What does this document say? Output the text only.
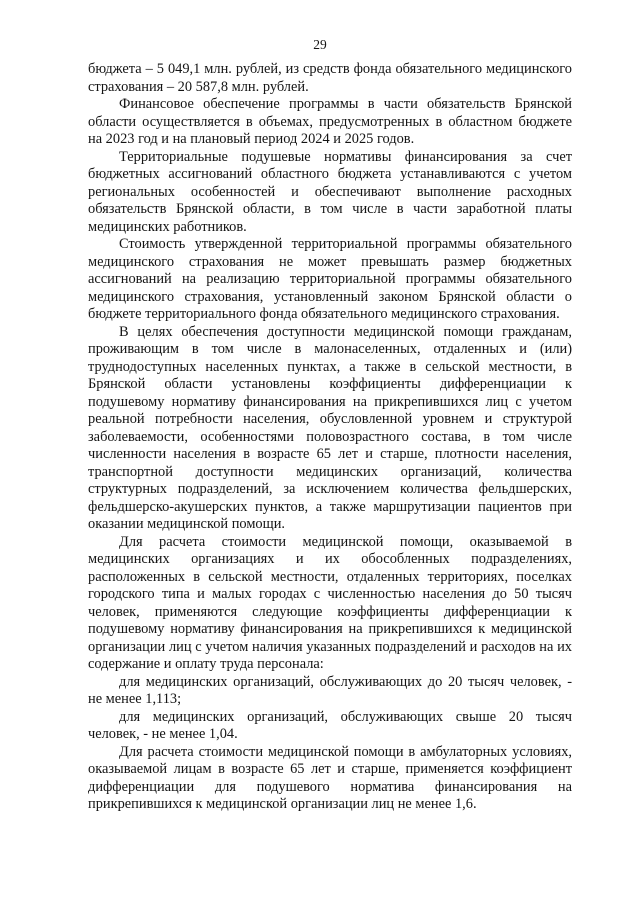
29

бюджета – 5 049,1 млн. рублей, из средств фонда обязательного медицинского страхования – 20 587,8 млн. рублей.

Финансовое обеспечение программы в части обязательств Брянской области осуществляется в объемах, предусмотренных в областном бюджете на 2023 год и на плановый период 2024 и 2025 годов.

Территориальные подушевые нормативы финансирования за счет бюджетных ассигнований областного бюджета устанавливаются с учетом региональных особенностей и обеспечивают выполнение расходных обязательств Брянской области, в том числе в части заработной платы медицинских работников.

Стоимость утвержденной территориальной программы обязательного медицинского страхования не может превышать размер бюджетных ассигнований на реализацию территориальной программы обязательного медицинского страхования, установленный законом Брянской области о бюджете территориального фонда обязательного медицинского страхования.

В целях обеспечения доступности медицинской помощи гражданам, проживающим в том числе в малонаселенных, отдаленных и (или) труднодоступных населенных пунктах, а также в сельской местности, в Брянской области установлены коэффициенты дифференциации к подушевому нормативу финансирования на прикрепившихся лиц с учетом реальной потребности населения, обусловленной уровнем и структурой заболеваемости, особенностями половозрастного состава, в том числе численности населения в возрасте 65 лет и старше, плотности населения, транспортной доступности медицинских организаций, количества структурных подразделений, за исключением количества фельдшерских, фельдшерско-акушерских пунктов, а также маршрутизации пациентов при оказании медицинской помощи.

Для расчета стоимости медицинской помощи, оказываемой в медицинских организациях и их обособленных подразделениях, расположенных в сельской местности, отдаленных территориях, поселках городского типа и малых городах с численностью населения до 50 тысяч человек, применяются следующие коэффициенты дифференциации к подушевому нормативу финансирования на прикрепившихся к медицинской организации лиц с учетом наличия указанных подразделений и расходов на их содержание и оплату труда персонала:

для медицинских организаций, обслуживающих до 20 тысяч человек, - не менее 1,113;

для медицинских организаций, обслуживающих свыше 20 тысяч человек, - не менее 1,04.

Для расчета стоимости медицинской помощи в амбулаторных условиях, оказываемой лицам в возрасте 65 лет и старше, применяется коэффициент дифференциации для подушевого норматива финансирования на прикрепившихся к медицинской организации лиц не менее 1,6.
